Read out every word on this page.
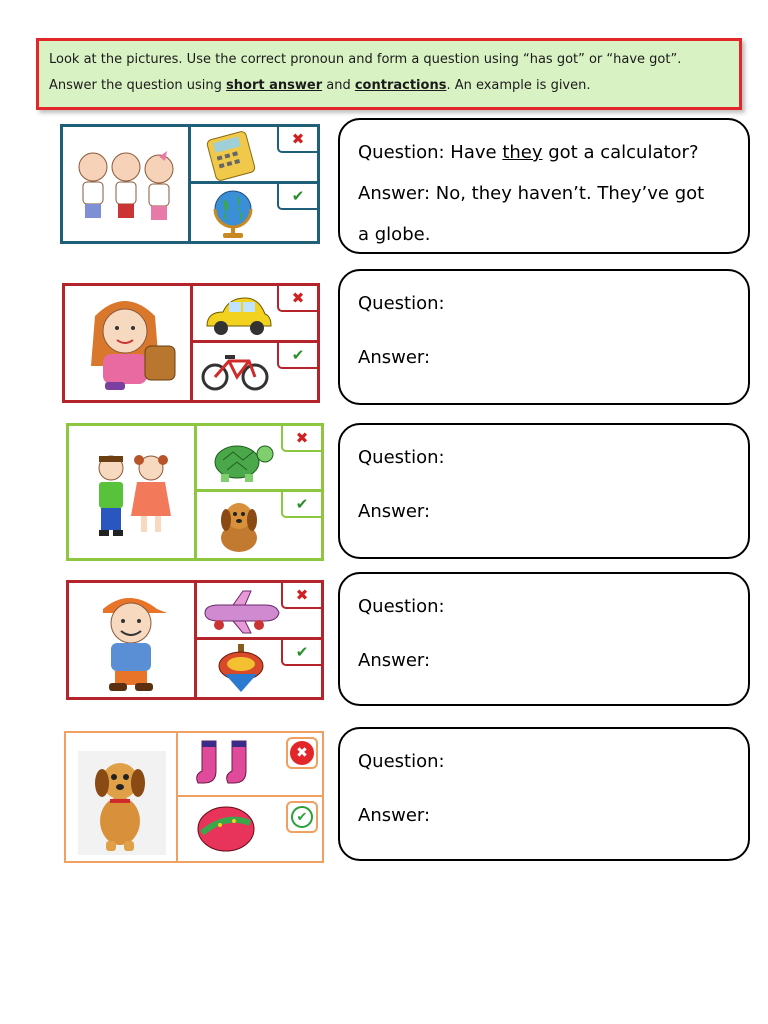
Look at the pictures. Use the correct pronoun and form a question using “has got” or “have got”. Answer the question using short answer and contractions. An example is given.
✖
✔
Question: Have they got a calculator?
Answer: No, they haven’t. They’ve got
a globe.
✖
✔
Question:
Answer:
✖
✔
Question:
Answer:
✖
✔
Question:
Answer:
✖
✔
Question:
Answer:
